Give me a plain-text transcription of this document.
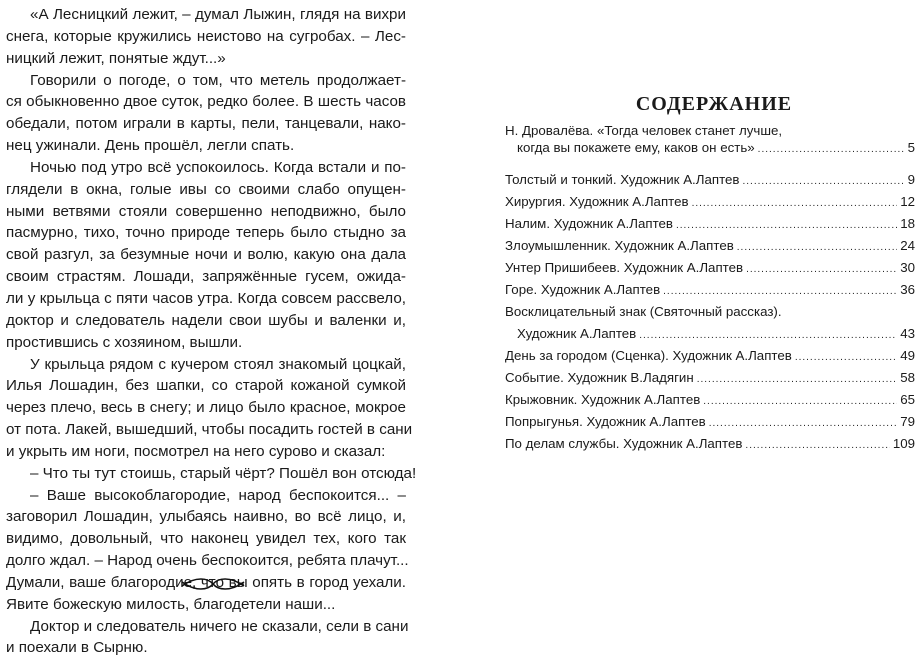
«А Лесницкий лежит, – думал Лыжин, глядя на вихри
снега, которые кружились неистово на сугробах. – Лес-
ницкий лежит, понятые ждут...»
Говорили о погоде, о том, что метель продолжает-
ся обыкновенно двое суток, редко более. В шесть часов
обедали, потом играли в карты, пели, танцевали, нако-
нец ужинали. День прошёл, легли спать.
Ночью под утро всё успокоилось. Когда встали и по-
глядели в окна, голые ивы со своими слабо опущен-
ными ветвями стояли совершенно неподвижно, было
пасмурно, тихо, точно природе теперь было стыдно за
свой разгул, за безумные ночи и волю, какую она дала
своим страстям. Лошади, запряжённые гусем, ожида-
ли у крыльца с пяти часов утра. Когда совсем рассвело,
доктор и следователь надели свои шубы и валенки и,
простившись с хозяином, вышли.
У крыльца рядом с кучером стоял знакомый цоцкай,
Илья Лошадин, без шапки, со старой кожаной сумкой
через плечо, весь в снегу; и лицо было красное, мокрое
от пота. Лакей, вышедший, чтобы посадить гостей в сани
и укрыть им ноги, посмотрел на него сурово и сказал:
– Что ты тут стоишь, старый чёрт? Пошёл вон отсюда!
– Ваше высокоблагородие, народ беспокоится... –
заговорил Лошадин, улыбаясь наивно, во всё лицо, и,
видимо, довольный, что наконец увидел тех, кого так
долго ждал. – Народ очень беспокоится, ребята плачут...
Думали, ваше благородие, что вы опять в город уехали.
Явите божескую милость, благодетели наши...
Доктор и следователь ничего не сказали, сели в сани
и поехали в Сырню.
СОДЕРЖАНИЕ
Н. Дровалёва. «Тогда человек станет лучше,
когда вы покажете ему, каков он есть» .....	5
Толстый и тонкий. Художник А.Лаптев .....	9
Хирургия. Художник А.Лаптев .....	12
Налим. Художник А.Лаптев .....	18
Злоумышленник. Художник А.Лаптев .....	24
Унтер Пришибеев. Художник А.Лаптев .....	30
Горе. Художник А.Лаптев .....	36
Восклицательный знак (Святочный рассказ).
Художник А.Лаптев .....	43
День за городом (Сценка). Художник А.Лаптев .....	49
Событие. Художник В.Ладягин .....	58
Крыжовник. Художник А.Лаптев .....	65
Попрыгунья. Художник А.Лаптев .....	79
По делам службы. Художник А.Лаптев .....	109
